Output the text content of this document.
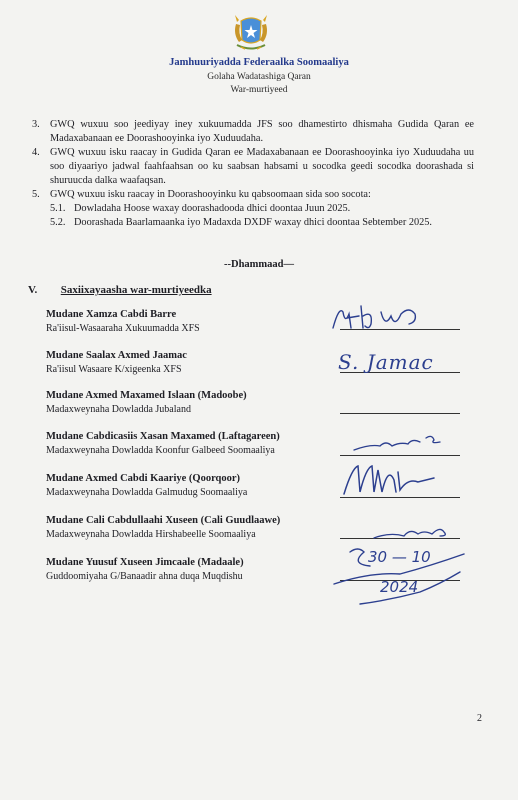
Jamhuuriyadda Federaalka Soomaaliya
Golaha Wadatashiga Qaran
War-murtiyeed
3. GWQ wuxuu soo jeediyay iney xukuumadda JFS soo dhamestirto dhismaha Gudida Qaran ee Madaxabanaan ee Doorashooyinka iyo Xuduudaha.
4. GWQ wuxuu isku raacay in Gudida Qaran ee Madaxabanaan ee Doorashooyinka iyo Xuduudaha uu soo diyaariyo jadwal faahfaahsan oo ku saabsan habsami u socodka geedi socodka doorashada si shuruucda dalka waafaqsan.
5. GWQ wuxuu isku raacay in Doorashooyinku ku qabsoomaan sida soo socota:
5.1. Dowladaha Hoose waxay doorashadooda dhici doontaa Juun 2025.
5.2. Doorashada Baarlamaanka iyo Madaxda DXDF waxay dhici doontaa Sebtember 2025.
--Dhammaad—
V. Saxiixayaasha war-murtiyeedka
Mudane Xamza Cabdi Barre
Ra'iisul-Wasaaraha Xukuumadda XFS
Mudane Saalax Axmed Jaamac
Ra'iisul Wasaare K/xigeenka XFS
Mudane Axmed Maxamed Islaan (Madoobe)
Madaxweynaha Dowladda Jubaland
Mudane Cabdicasiis Xasan Maxamed (Laftagareen)
Madaxweynaha Dowladda Koonfur Galbeed Soomaaliya
Mudane Axmed Cabdi Kaariye (Qoorqoor)
Madaxweynaha Dowladda Galmudug Soomaaliya
Mudane Cali Cabdullaahi Xuseen (Cali Guudlaawe)
Madaxweynaha Dowladda Hirshabeelle Soomaaliya
Mudane Yuusuf Xuseen Jimcaale (Madaale)
Guddoomiyaha G/Banaadir ahna duqa Muqdishu
S. Jamac
30 — 10
2024
2
